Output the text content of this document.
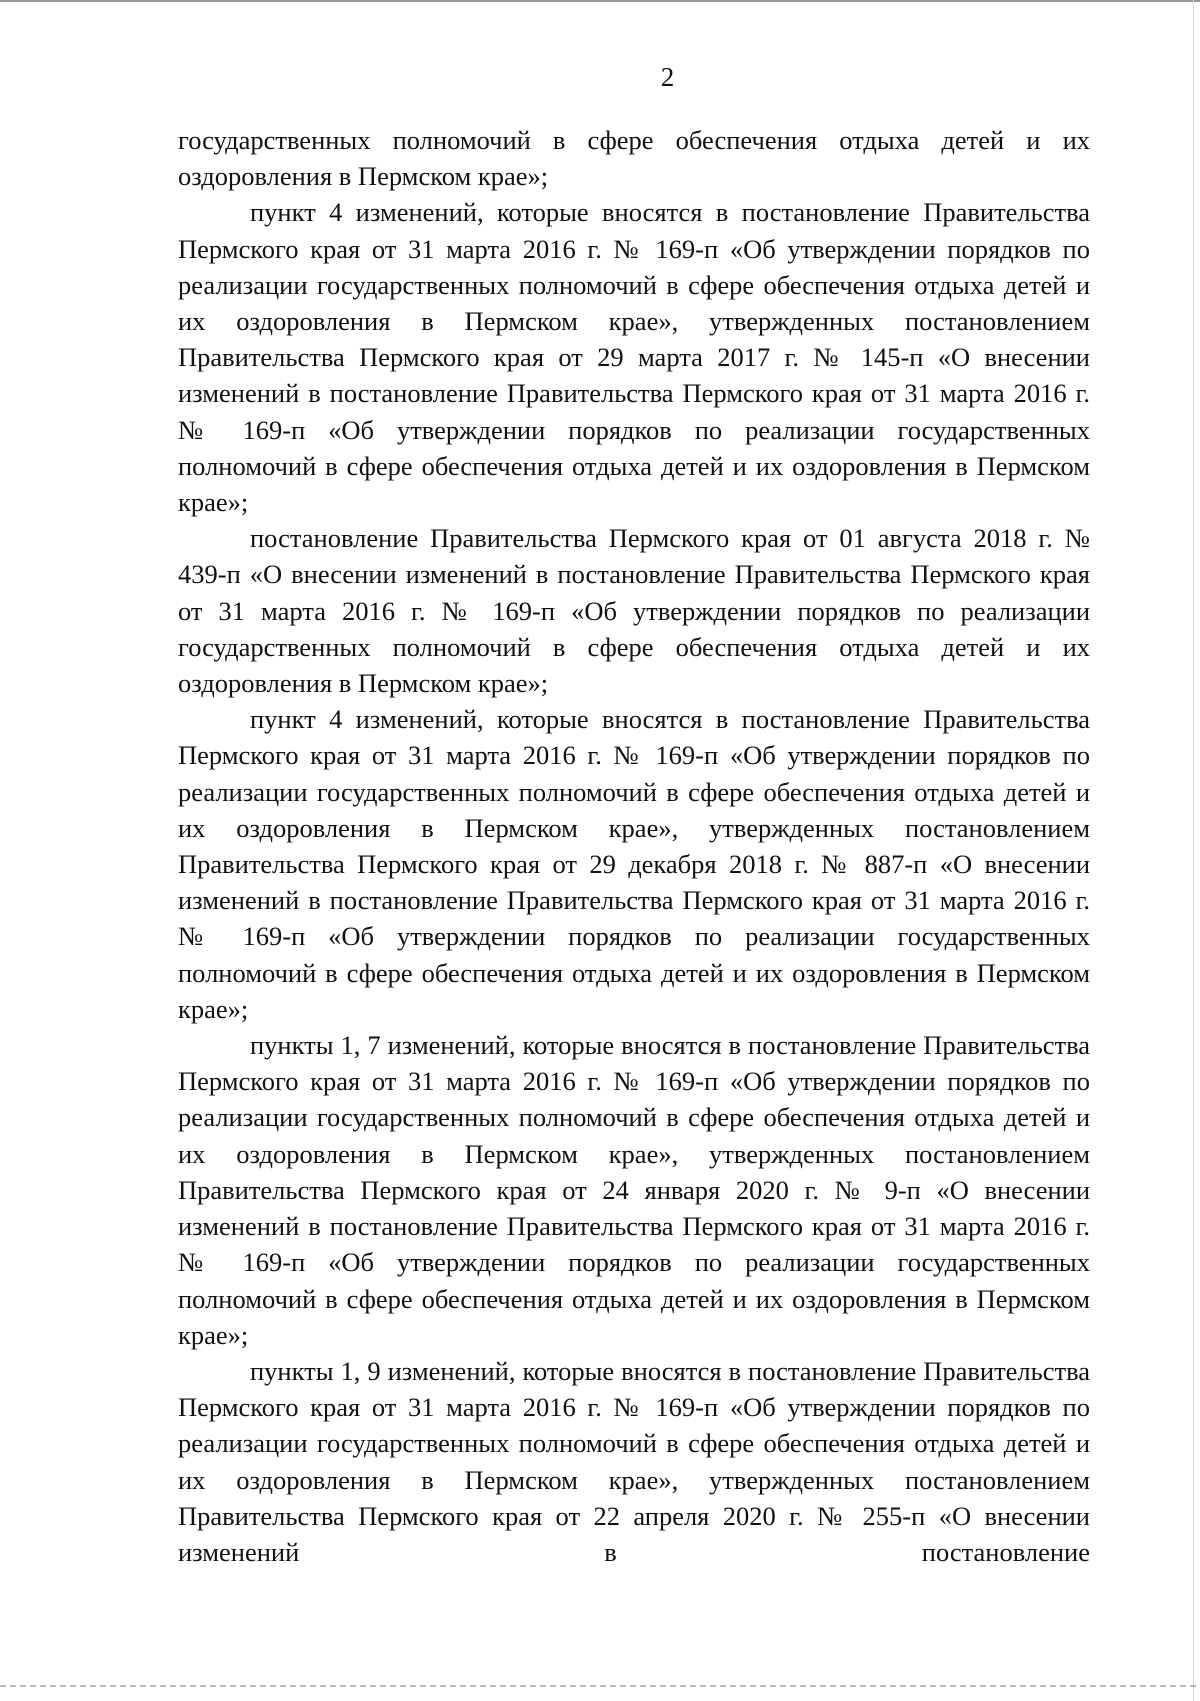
2

государственных полномочий в сфере обеспечения отдыха детей и их оздоровления в Пермском крае»;

пункт 4 изменений, которые вносятся в постановление Правительства Пермского края от 31 марта 2016 г. № 169-п «Об утверждении порядков по реализации государственных полномочий в сфере обеспечения отдыха детей и их оздоровления в Пермском крае», утвержденных постановлением Правительства Пермского края от 29 марта 2017 г. № 145-п «О внесении изменений в постановление Правительства Пермского края от 31 марта 2016 г. № 169-п «Об утверждении порядков по реализации государственных полномочий в сфере обеспечения отдыха детей и их оздоровления в Пермском крае»;

постановление Правительства Пермского края от 01 августа 2018 г. № 439-п «О внесении изменений в постановление Правительства Пермского края от 31 марта 2016 г. № 169-п «Об утверждении порядков по реализации государственных полномочий в сфере обеспечения отдыха детей и их оздоровления в Пермском крае»;

пункт 4 изменений, которые вносятся в постановление Правительства Пермского края от 31 марта 2016 г. № 169-п «Об утверждении порядков по реализации государственных полномочий в сфере обеспечения отдыха детей и их оздоровления в Пермском крае», утвержденных постановлением Правительства Пермского края от 29 декабря 2018 г. № 887-п «О внесении изменений в постановление Правительства Пермского края от 31 марта 2016 г. № 169-п «Об утверждении порядков по реализации государственных полномочий в сфере обеспечения отдыха детей и их оздоровления в Пермском крае»;

пункты 1, 7 изменений, которые вносятся в постановление Правительства Пермского края от 31 марта 2016 г. № 169-п «Об утверждении порядков по реализации государственных полномочий в сфере обеспечения отдыха детей и их оздоровления в Пермском крае», утвержденных постановлением Правительства Пермского края от 24 января 2020 г. № 9-п «О внесении изменений в постановление Правительства Пермского края от 31 марта 2016 г. № 169-п «Об утверждении порядков по реализации государственных полномочий в сфере обеспечения отдыха детей и их оздоровления в Пермском крае»;

пункты 1, 9 изменений, которые вносятся в постановление Правительства Пермского края от 31 марта 2016 г. № 169-п «Об утверждении порядков по реализации государственных полномочий в сфере обеспечения отдыха детей и их оздоровления в Пермском крае», утвержденных постановлением Правительства Пермского края от 22 апреля 2020 г. № 255-п «О внесении изменений в постановление
